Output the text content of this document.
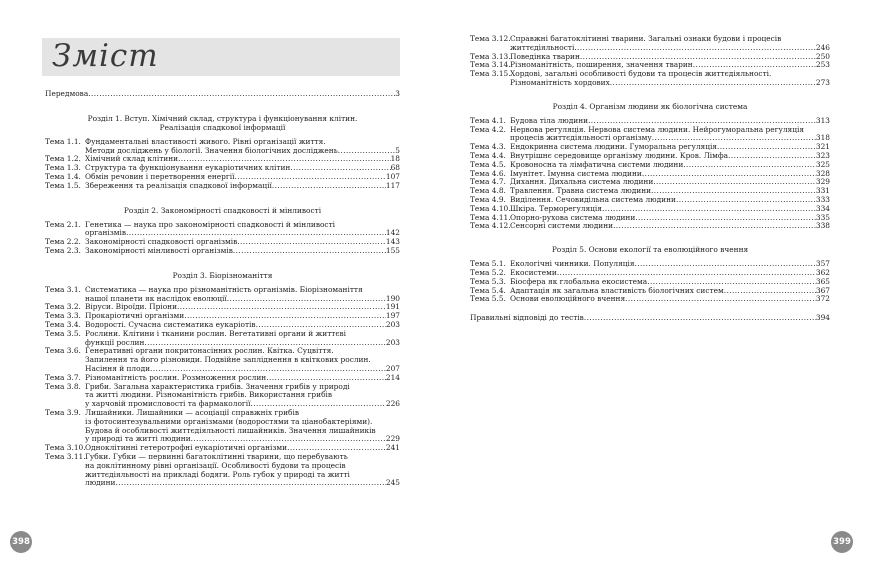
Зміст
Передмова .....	3
Розділ 1. Вступ. Хімічний склад, структура і функціонування клітин.
Реалізація спадкової інформації
Тема 1.1. Фундаментальні властивості живого. Рівні організації життя.
Методи досліджень у біології. Значення біологічних досліджень .....	5
Тема 1.2. Хімічний склад клітини .....	18
Тема 1.3. Структура та функціонування еукаріотичних клітин .....	68
Тема 1.4. Обмін речовин і перетворення енергії .....	107
Тема 1.5. Збереження та реалізація спадкової інформації .....	117
Розділ 2. Закономірності спадковості й мінливості
Тема 2.1. Генетика — наука про закономірності спадковості й мінливості
організмів .....	142
Тема 2.2. Закономірності спадковості організмів .....	143
Тема 2.3. Закономірності мінливості організмів .....	155
Розділ 3. Біорізноманіття
Тема 3.1. Систематика — наука про різноманітність організмів. Біорізноманіття
нашої планети як наслідок еволюції .....	190
Тема 3.2. Віруси. Віроїди. Пріони .....	191
Тема 3.3. Прокаріотичні організми .....	197
Тема 3.4. Водорості. Сучасна систематика еукаріотів .....	203
Тема 3.5. Рослини. Клітини і тканини рослин. Вегетативні органи й життєві
функції рослин .....	203
Тема 3.6. Генеративні органи покритонасінних рослин. Квітка. Суцвіття.
Запилення та його різновиди. Подвійне запліднення в квіткових рослин.
Насіння й плоди .....	207
Тема 3.7. Різноманітність рослин. Розмноження рослин .....	214
Тема 3.8. Гриби. Загальна характеристика грибів. Значення грибів у природі
та житті людини. Різноманітність грибів. Використання грибів
у харчовій промисловості та фармакології .....	226
Тема 3.9. Лишайники. Лишайники — асоціації справжніх грибів
із фотосинтезувальними організмами (водоростями та ціанобактеріями).
Будова й особливості життєдіяльності лишайників. Значення лишайників
у природі та житті людини .....	229
Тема 3.10. Одноклітинні гетеротрофні еукаріотичні організми .....	241
Тема 3.11. Губки. Губки — первинні багатоклітинні тварини, що перебувають
на доклітинному рівні організації. Особливості будови та процесів
життєдіяльності на прикладі бодяги. Роль губок у природі та житті
людини .....	245
398
Тема 3.12. Справжні багатоклітинні тварини. Загальні ознаки будови і процесів
життєдіяльності .....	246
Тема 3.13. Поведінка тварин .....	250
Тема 3.14. Різноманітність, поширення, значення тварин .....	253
Тема 3.15. Хордові, загальні особливості будови та процесів життєдіяльності.
Різноманітність хордових .....	273
Розділ 4. Організм людини як біологічна система
Тема 4.1. Будова тіла людини .....	313
Тема 4.2. Нервова регуляція. Нервова система людини. Нейрогуморальна регуляція
процесів життєдіяльності організму .....	318
Тема 4.3. Ендокринна система людини. Гуморальна регуляція .....	321
Тема 4.4. Внутрішнє середовище організму людини. Кров. Лімфа .....	323
Тема 4.5. Кровоносна та лімфатична системи людини .....	325
Тема 4.6. Імунітет. Імунна система людини .....	328
Тема 4.7. Дихання. Дихальна система людини .....	329
Тема 4.8. Травлення. Травна система людини .....	331
Тема 4.9. Виділення. Сечовидільна система людини .....	333
Тема 4.10. Шкіра. Терморегуляція .....	334
Тема 4.11. Опорно-рухова система людини .....	335
Тема 4.12. Сенсорні системи людини .....	338
Розділ 5. Основи екології та еволюційного вчення
Тема 5.1. Екологічні чинники. Популяція .....	357
Тема 5.2. Екосистеми .....	362
Тема 5.3. Біосфера як глобальна екосистема .....	365
Тема 5.4. Адаптація як загальна властивість біологічних систем .....	367
Тема 5.5. Основи еволюційного вчення .....	372
Правильні відповіді до тестів .....	394
399
